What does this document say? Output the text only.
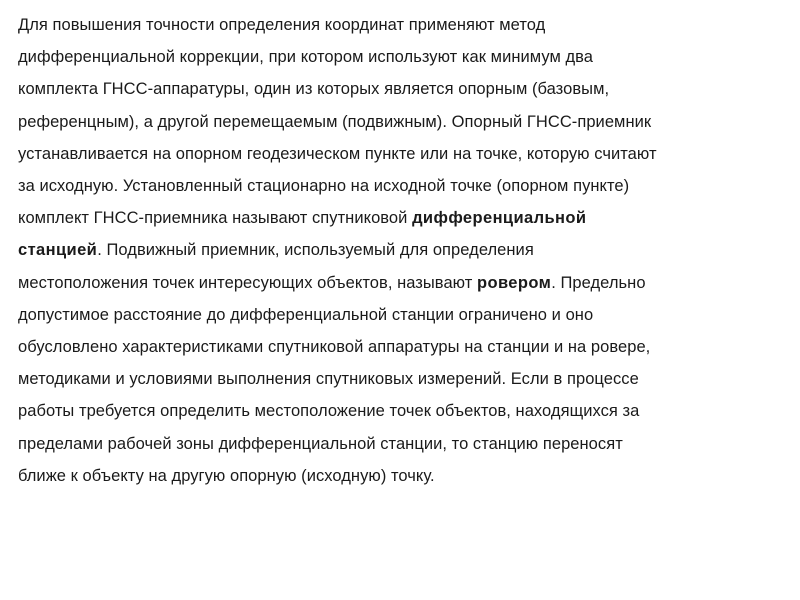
Для повышения точности определения координат применяют метод
дифференциальной коррекции, при котором используют как минимум два
комплекта ГНСС-аппаратуры, один из которых является опорным (базовым,
референцным), а другой перемещаемым (подвижным). Опорный ГНСС-приемник
устанавливается на опорном геодезическом пункте или на точке, которую считают
за исходную. Установленный стационарно на исходной точке (опорном пункте)
комплект ГНСС-приемника называют спутниковой дифференциальной
станцией. Подвижный приемник, используемый для определения
местоположения точек интересующих объектов, называют ровером. Предельно
допустимое расстояние до дифференциальной станции ограничено и оно
обусловлено характеристиками спутниковой аппаратуры на станции и на ровере,
методиками и условиями выполнения спутниковых измерений. Если в процессе
работы требуется определить местоположение точек объектов, находящихся за
пределами рабочей зоны дифференциальной станции, то станцию переносят
ближе к объекту на другую опорную (исходную) точку.
